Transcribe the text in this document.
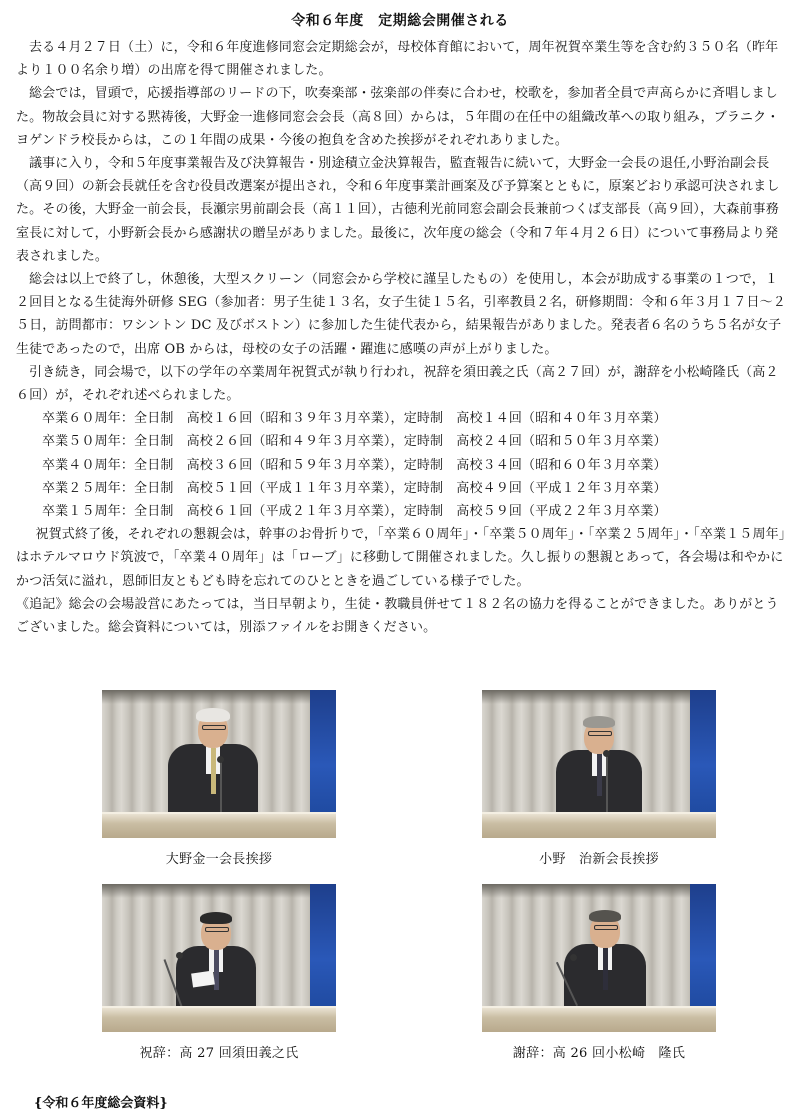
令和６年度　定期総会開催される

去る４月２７日（土）に，令和６年度進修同窓会定期総会が，母校体育館において，周年祝賀卒業生等を含む約３５０名（昨年より１００名余り増）の出席を得て開催されました。

総会では，冒頭で，応援指導部のリードの下，吹奏楽部・弦楽部の伴奏に合わせ，校歌を，参加者全員で声高らかに斉唱しました。物故会員に対する黙祷後，大野金一進修同窓会会長（高８回）からは，５年間の在任中の組織改革への取り組み，ブラニク・ヨゲンドラ校長からは，この１年間の成果・今後の抱負を含めた挨拶がそれぞれありました。

議事に入り，令和５年度事業報告及び決算報告・別途積立金決算報告，監査報告に続いて，大野金一会長の退任,小野治副会長（高９回）の新会長就任を含む役員改選案が提出され，令和６年度事業計画案及び予算案とともに，原案どおり承認可決されました。その後，大野金一前会長，長瀬宗男前副会長（高１１回），古徳利光前同窓会副会長兼前つくば支部長（高９回），大森前事務室長に対して，小野新会長から感謝状の贈呈がありました。最後に，次年度の総会（令和７年４月２６日）について事務局より発表されました。

総会は以上で終了し，休憩後，大型スクリーン（同窓会から学校に謹呈したもの）を使用し，本会が助成する事業の１つで，１２回目となる生徒海外研修 SEG（参加者：男子生徒１３名，女子生徒１５名，引率教員２名，研修期間：令和６年３月１７日～２５日，訪問都市：ワシントン DC 及びボストン）に参加した生徒代表から，結果報告がありました。発表者６名のうち５名が女子生徒であったので，出席 OB からは，母校の女子の活躍・躍進に感嘆の声が上がりました。

引き続き，同会場で，以下の学年の卒業周年祝賀式が執り行われ，祝辞を須田義之氏（高２７回）が，謝辞を小松崎隆氏（高２６回）が，それぞれ述べられました。

卒業６０周年：全日制　高校１６回（昭和３９年３月卒業），定時制　高校１４回（昭和４０年３月卒業）
卒業５０周年：全日制　高校２６回（昭和４９年３月卒業），定時制　高校２４回（昭和５０年３月卒業）
卒業４０周年：全日制　高校３６回（昭和５９年３月卒業），定時制　高校３４回（昭和６０年３月卒業）
卒業２５周年：全日制　高校５１回（平成１１年３月卒業），定時制　高校４９回（平成１２年３月卒業）
卒業１５周年：全日制　高校６１回（平成２１年３月卒業），定時制　高校５９回（平成２２年３月卒業）

祝賀式終了後，それぞれの懇親会は，幹事のお骨折りで，「卒業６０周年」・「卒業５０周年」・「卒業２５周年」・「卒業１５周年」はホテルマロウド筑波で，「卒業４０周年」は「ローブ」に移動して開催されました。久し振りの懇親とあって，各会場は和やかにかつ活気に溢れ，恩師旧友ともども時を忘れてのひとときを過ごしている様子でした。

《追記》総会の会場設営にあたっては，当日早朝より，生徒・教職員併せて１８２名の協力を得ることができました。ありがとうございました。総会資料については，別添ファイルをお開きください。

大野金一会長挨拶	小野　治新会長挨拶
祝辞：高 27 回須田義之氏	謝辞：高 26 回小松崎　隆氏
{令和６年度総会資料}
